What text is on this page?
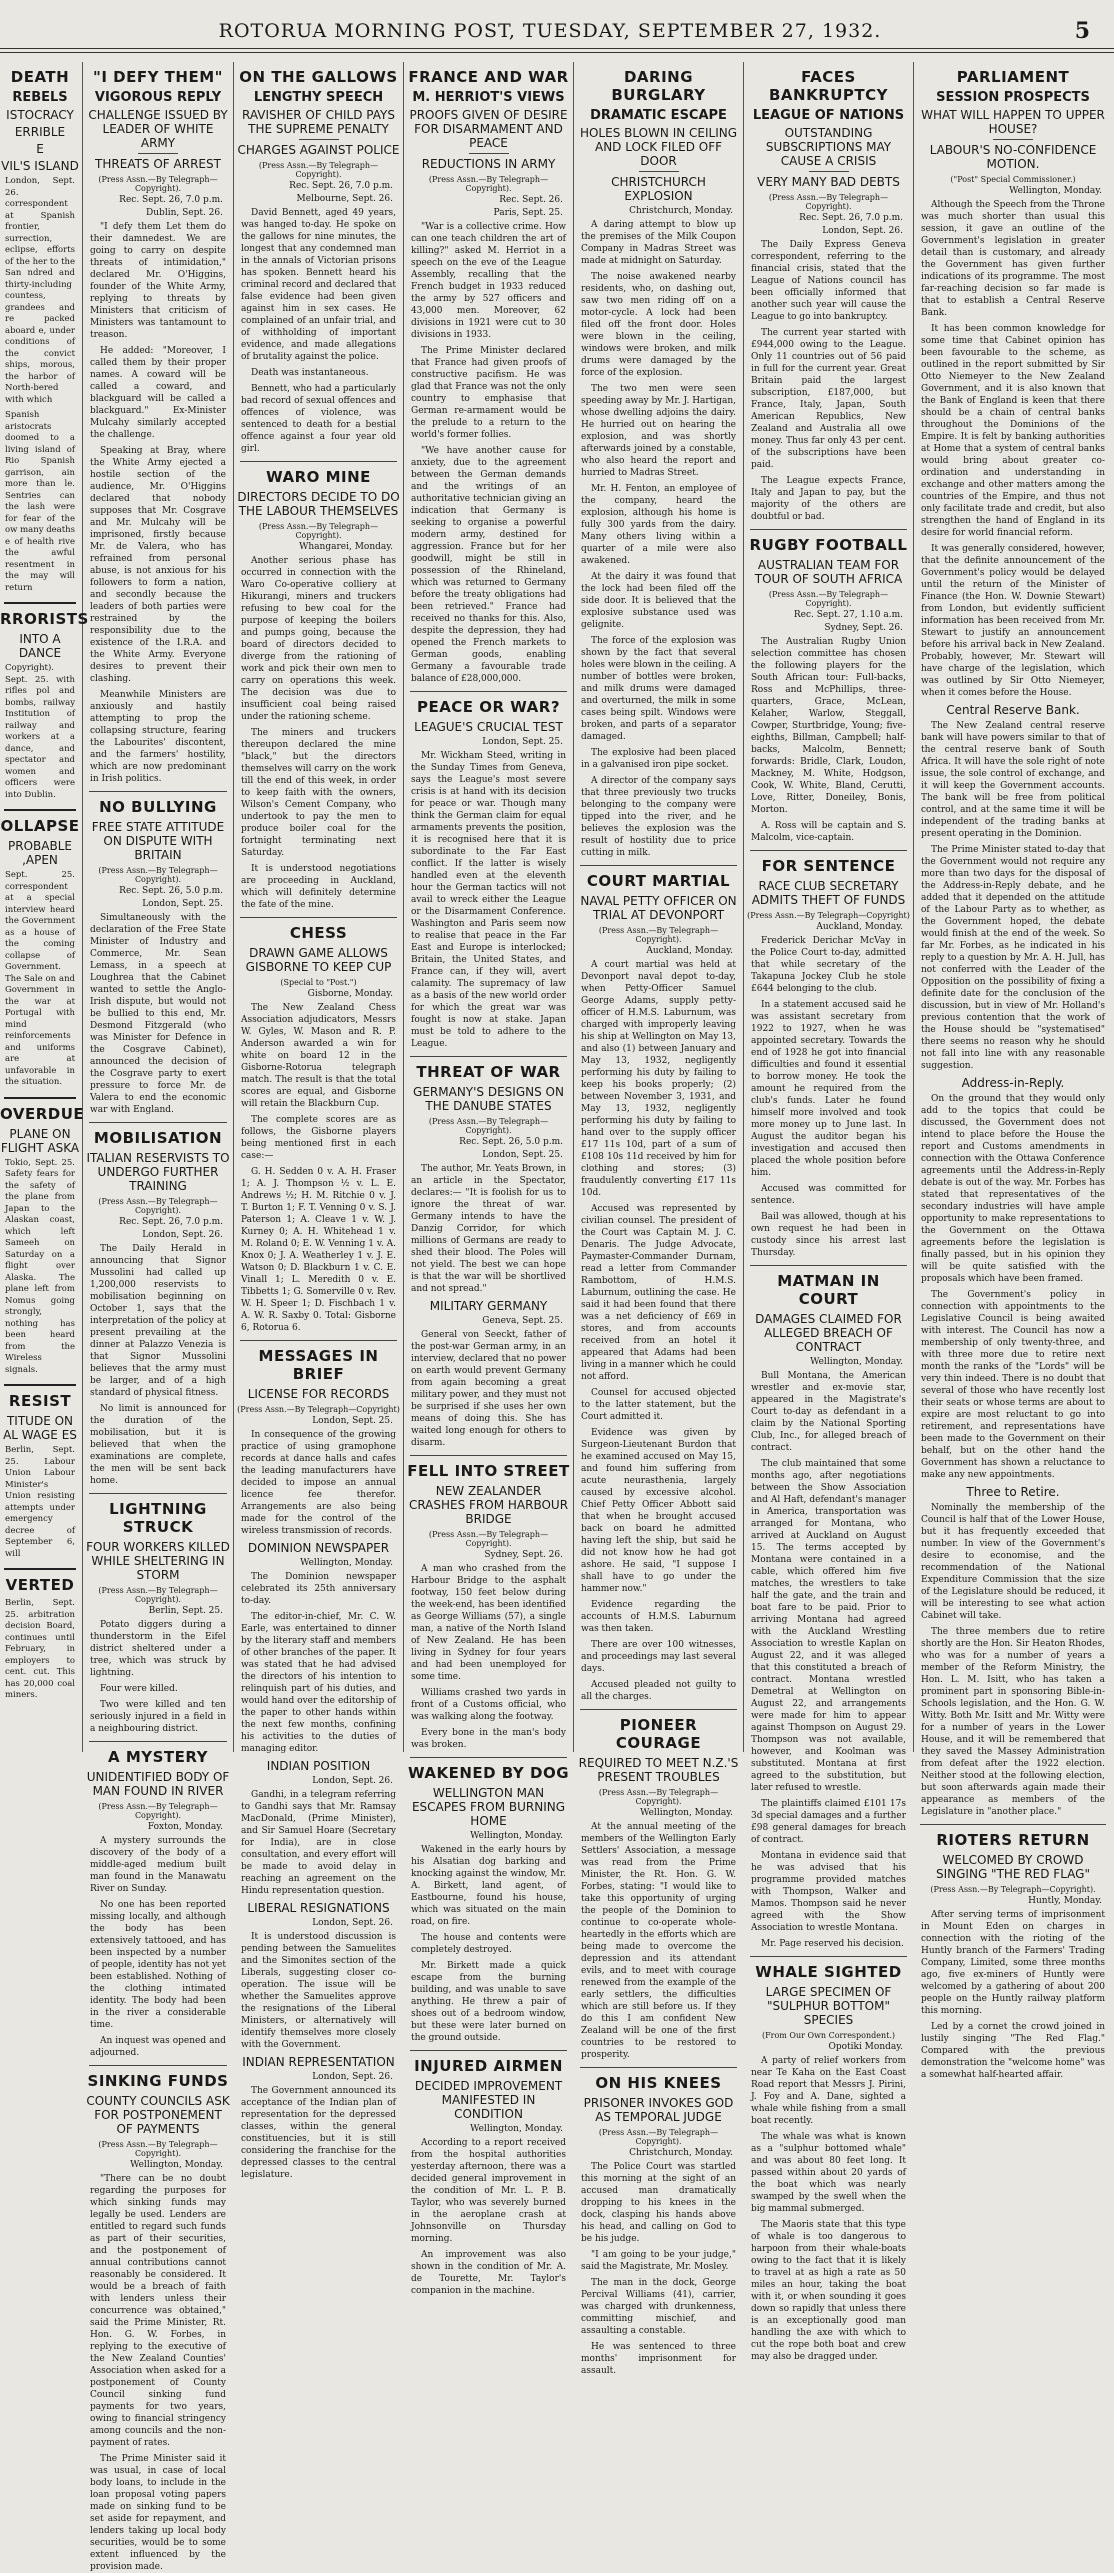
ROTORUA MORNING POST, TUESDAY, SEPTEMBER 27, 1932.	5
DEATH
REBELS
ISTOCRACY
ERRIBLE
E
VIL'S ISLAND

London, Sept. 26. correspondent at Spanish frontier, surrection, eclipse, efforts of the her to the San ndred and thirty-including countess, grandees and re packed aboard e, under conditions of the convict ships, morous, the harbor of North-bered with which

Spanish aristocrats doomed to a living island of Rio Spanish garrison, ain more than le. Sentries can the lash were for fear of the ow many deaths e of health rive the awful resentment in the may will return

RRORISTS
INTO A DANCE

Copyright). Sept. 25. with rifles pol and bombs, railway Institution of railway and workers at a dance, and spectator and women and officers were into Dublin.

OLLAPSE
PROBABLE ,APEN

Sept. 25. correspondent at a special interview heard the Government as a house of the coming collapse of Government. The Sale on and Government in the war at Portugal with mind reinforcements and uniforms are at unfavorable in the situation.

OVERDUE
PLANE ON FLIGHT ASKA

Tokio, Sept. 25. Safety fears for the safety of the plane from Japan to the Alaskan coast, which left Sameeh on Saturday on a flight over Alaska. The plane left from Nomus going strongly, nothing has been heard from the Wireless signals.

RESIST
TITUDE ON AL WAGE ES

Berlin, Sept. 25. Labour Union Labour Minister's Union resisting attempts under emergency decree of September 6, will

VERTED

Berlin, Sept. 25. arbitration decision Board, continues until February, in employers to cent. cut. This has 20,000 coal miners.

"I DEFY THEM"
VIGOROUS REPLY
CHALLENGE ISSUED BY LEADER OF WHITE ARMY
THREATS OF ARREST
(Press Assn.—By Telegraph—Copyright).
Rec. Sept. 26, 7.0 p.m.
Dublin, Sept. 26.

"I defy them Let them do their damnedest. We are going to carry on despite threats of intimidation," declared Mr. O'Higgins, founder of the White Army, replying to threats by Ministers that criticism of Ministers was tantamount to treason.

He added: "Moreover, I called them by their proper names. A coward will be called a coward, and blackguard will be called a blackguard." Ex-Minister Mulcahy similarly accepted the challenge.

Speaking at Bray, where the White Army ejected a hostile section of the audience, Mr. O'Higgins declared that nobody supposes that Mr. Cosgrave and Mr. Mulcahy will be imprisoned, firstly because Mr. de Valera, who has refrained from personal abuse, is not anxious for his followers to form a nation, and secondly because the leaders of both parties were restrained by the responsibility due to the existence of the I.R.A. and the White Army. Everyone desires to prevent their clashing.

Meanwhile Ministers are anxiously and hastily attempting to prop the collapsing structure, fearing the Labourites' discontent, and the farmers' hostility, which are now predominant in Irish politics.

NO BULLYING
FREE STATE ATTITUDE ON DISPUTE WITH BRITAIN
(Press Assn.—By Telegraph—Copyright).
Rec. Sept. 26, 5.0 p.m.
London, Sept. 25.

Simultaneously with the declaration of the Free State Minister of Industry and Commerce, Mr. Sean Lemass, in a speech at Loughrea that the Cabinet wanted to settle the Anglo-Irish dispute, but would not be bullied to this end, Mr. Desmond Fitzgerald (who was Minister for Defence in the Cosgrave Cabinet), announced the decision of the Cosgrave party to exert pressure to force Mr. de Valera to end the economic war with England.

MOBILISATION
ITALIAN RESERVISTS TO UNDERGO FURTHER TRAINING
(Press Assn.—By Telegraph—Copyright).
Rec. Sept. 26, 7.0 p.m.
London, Sept. 26.

The Daily Herald in announcing that Signor Mussolini had called up 1,200,000 reservists to mobilisation beginning on October 1, says that the interpretation of the policy at present prevailing at the dinner at Palazzo Venezia is that Signor Mussolini believes that the army must be larger, and of a high standard of physical fitness.

No limit is announced for the duration of the mobilisation, but it is believed that when the examinations are complete, the men will be sent back home.

LIGHTNING STRUCK
FOUR WORKERS KILLED WHILE SHELTERING IN STORM
(Press Assn.—By Telegraph—Copyright).
Berlin, Sept. 25.

Potato diggers during a thunderstorm in the Eifel district sheltered under a tree, which was struck by lightning.

Four were killed.

Two were killed and ten seriously injured in a field in a neighbouring district.

A MYSTERY
UNIDENTIFIED BODY OF MAN FOUND IN RIVER
(Press Assn.—By Telegraph—Copyright).
Foxton, Monday.

A mystery surrounds the discovery of the body of a middle-aged medium built man found in the Manawatu River on Sunday.

No one has been reported missing locally, and although the body has been extensively tattooed, and has been inspected by a number of people, identity has not yet been established. Nothing of the clothing intimated identity. The body had been in the river a considerable time.

An inquest was opened and adjourned.

SINKING FUNDS
COUNTY COUNCILS ASK FOR POSTPONEMENT OF PAYMENTS
(Press Assn.—By Telegraph—Copyright).
Wellington, Monday.

"There can be no doubt regarding the purposes for which sinking funds may legally be used. Lenders are entitled to regard such funds as part of their securities, and the postponement of annual contributions cannot reasonably be considered. It would be a breach of faith with lenders unless their concurrence was obtained," said the Prime Minister, Rt. Hon. G. W. Forbes, in replying to the executive of the New Zealand Counties' Association when asked for a postponement of County Council sinking fund payments for two years, owing to financial stringency among councils and the non-payment of rates.

The Prime Minister said it was usual, in case of local body loans, to include in the loan proposal voting papers made on sinking fund to be set aside for repayment, and lenders taking up local body securities, would be to some extent influenced by the provision made.

ON THE GALLOWS
LENGTHY SPEECH
RAVISHER OF CHILD PAYS THE SUPREME PENALTY
CHARGES AGAINST POLICE
(Press Assn.—By Telegraph—Copyright).
Rec. Sept. 26, 7.0 p.m.
Melbourne, Sept. 26.

David Bennett, aged 49 years, was hanged to-day. He spoke on the gallows for nine minutes, the longest that any condemned man in the annals of Victorian prisons has spoken. Bennett heard his criminal record and declared that false evidence had been given against him in sex cases. He complained of an unfair trial, and of withholding of important evidence, and made allegations of brutality against the police.

Death was instantaneous.

Bennett, who had a particularly bad record of sexual offences and offences of violence, was sentenced to death for a bestial offence against a four year old girl.

WARO MINE
DIRECTORS DECIDE TO DO THE LABOUR THEMSELVES
(Press Assn.—By Telegraph—Copyright).
Whangarei, Monday.

Another serious phase has occurred in connection with the Waro Co-operative colliery at Hikurangi, miners and truckers refusing to bew coal for the purpose of keeping the boilers and pumps going, because the board of directors decided to diverge from the rationing of work and pick their own men to carry on operations this week. The decision was due to insufficient coal being raised under the rationing scheme.

The miners and truckers thereupon declared the mine "black," but the directors themselves will carry on the work till the end of this week, in order to keep faith with the owners, Wilson's Cement Company, who undertook to pay the men to produce boiler coal for the fortnight terminating next Saturday.

It is understood negotiations are proceeding in Auckland, which will definitely determine the fate of the mine.

CHESS
DRAWN GAME ALLOWS GISBORNE TO KEEP CUP
(Special to "Post.")
Gisborne, Monday.

The New Zealand Chess Association adjudicators, Messrs W. Gyles, W. Mason and R. P. Anderson awarded a win for white on board 12 in the Gisborne-Rotorua telegraph match. The result is that the total scores are equal, and Gisborne will retain the Blackburn Cup.

The complete scores are as follows, the Gisborne players being mentioned first in each case:—

G. H. Sedden 0 v. A. H. Fraser 1; A. J. Thompson ½ v. L. E. Andrews ½; H. M. Ritchie 0 v. J. T. Burton 1; F. T. Venning 0 v. S. J. Paterson 1; A. Cleave 1 v. W. J. Kurney 0; A. H. Whitehead 1 v. M. Roland 0; E. W. Venning 1 v. A. Knox 0; J. A. Weatherley 1 v. J. E. Watson 0; D. Blackburn 1 v. C. E. Vinall 1; L. Meredith 0 v. E. Tibbetts 1; G. Somerville 0 v. Rev. W. H. Speer 1; D. Fischbach 1 v. A. W. R. Saxby 0. Total: Gisborne 6, Rotorua 6.

MESSAGES IN BRIEF
LICENSE FOR RECORDS
(Press Assn.—By Telegraph—Copyright)
London, Sept. 25.

In consequence of the growing practice of using gramophone records at dance halls and cafes the leading manufacturers have decided to impose an annual licence fee therefor. Arrangements are also being made for the control of the wireless transmission of records.

DOMINION NEWSPAPER
Wellington, Monday.

The Dominion newspaper celebrated its 25th anniversary to-day.

The editor-in-chief, Mr. C. W. Earle, was entertained to dinner by the literary staff and members of other branches of the paper. It was stated that he had advised the directors of his intention to relinquish part of his duties, and would hand over the editorship of the paper to other hands within the next few months, confining his activities to the duties of managing editor.

INDIAN POSITION
London, Sept. 26.

Gandhi, in a telegram referring to Gandhi says that Mr. Ramsay MacDonald, (Prime Minister), and Sir Samuel Hoare (Secretary for India), are in close consultation, and every effort will be made to avoid delay in reaching an agreement on the Hindu representation question.

LIBERAL RESIGNATIONS
London, Sept. 26.

It is understood discussion is pending between the Samuelites and the Simonites section of the Liberals, suggesting closer co-operation. The issue will be whether the Samuelites approve the resignations of the Liberal Ministers, or alternatively will identify themselves more closely with the Government.

INDIAN REPRESENTATION
London, Sept. 26.

The Government announced its acceptance of the Indian plan of representation for the depressed classes, within the general constituencies, but it is still considering the franchise for the depressed classes to the central legislature.

FRANCE AND WAR
M. HERRIOT'S VIEWS
PROOFS GIVEN OF DESIRE FOR DISARMAMENT AND PEACE
REDUCTIONS IN ARMY
(Press Assn.—By Telegraph—Copyright).
Rec. Sept. 26.
Paris, Sept. 25.

"War is a collective crime. How can one teach children the art of killing?" asked M. Herriot in a speech on the eve of the League Assembly, recalling that the French budget in 1933 reduced the army by 527 officers and 43,000 men. Moreover, 62 divisions in 1921 were cut to 30 divisions in 1933.

The Prime Minister declared that France had given proofs of constructive pacifism. He was glad that France was not the only country to emphasise that German re-armament would be the prelude to a return to the world's former follies.

"We have another cause for anxiety, due to the agreement between the German demands and the writings of an authoritative technician giving an indication that Germany is seeking to organise a powerful modern army, destined for aggression. France but for her goodwill, might be still in possession of the Rhineland, which was returned to Germany before the treaty obligations had been retrieved." France had received no thanks for this. Also, despite the depression, they had opened the French markets to German goods, enabling Germany a favourable trade balance of £28,000,000.

PEACE OR WAR?
LEAGUE'S CRUCIAL TEST
London, Sept. 25.

Mr. Wickham Steed, writing in the Sunday Times from Geneva, says the League's most severe crisis is at hand with its decision for peace or war. Though many think the German claim for equal armaments prevents the position, it is recognised here that it is subordinate to the Far East conflict. If the latter is wisely handled even at the eleventh hour the German tactics will not avail to wreck either the League or the Disarmament Conference. Washington and Paris seem now to realise that peace in the Far East and Europe is interlocked; Britain, the United States, and France can, if they will, avert calamity. The supremacy of law as a basis of the new world order for which the great war was fought is now at stake. Japan must be told to adhere to the League.

THREAT OF WAR
GERMANY'S DESIGNS ON THE DANUBE STATES
(Press Assn.—By Telegraph—Copyright).
Rec. Sept. 26, 5.0 p.m.
London, Sept. 25.

The author, Mr. Yeats Brown, in an article in the Spectator, declares:— "It is foolish for us to ignore the threat of war. Germany intends to have the Danzig Corridor, for which millions of Germans are ready to shed their blood. The Poles will not yield. The best we can hope is that the war will be shortlived and not spread."

MILITARY GERMANY
Geneva, Sept. 25.

General von Seeckt, father of the post-war German army, in an interview, declared that no power on earth would prevent Germany from again becoming a great military power, and they must not be surprised if she uses her own means of doing this. She has waited long enough for others to disarm.

FELL INTO STREET
NEW ZEALANDER CRASHES FROM HARBOUR BRIDGE
(Press Assn.—By Telegraph—Copyright).
Sydney, Sept. 26.

A man who crashed from the Harbour Bridge to the asphalt footway, 150 feet below during the week-end, has been identified as George Williams (57), a single man, a native of the North Island of New Zealand. He has been living in Sydney for four years and had been unemployed for some time.

Williams crashed two yards in front of a Customs official, who was walking along the footway.

Every bone in the man's body was broken.

WAKENED BY DOG
WELLINGTON MAN ESCAPES FROM BURNING HOME
Wellington, Monday.

Wakened in the early hours by his Alsatian dog barking and knocking against the window, Mr. A. Birkett, land agent, of Eastbourne, found his house, which was situated on the main road, on fire.

The house and contents were completely destroyed.

Mr. Birkett made a quick escape from the burning building, and was unable to save anything. He threw a pair of shoes out of a bedroom window, but these were later burned on the ground outside.

INJURED AIRMEN
DECIDED IMPROVEMENT MANIFESTED IN CONDITION
Wellington, Monday.

According to a report received from the hospital authorities yesterday afternoon, there was a decided general improvement in the condition of Mr. L. P. B. Taylor, who was severely burned in the aeroplane crash at Johnsonville on Thursday morning.

An improvement was also shown in the condition of Mr. A. de Tourette, Mr. Taylor's companion in the machine.

DARING BURGLARY
DRAMATIC ESCAPE
HOLES BLOWN IN CEILING AND LOCK FILED OFF DOOR
CHRISTCHURCH EXPLOSION
Christchurch, Monday.

A daring attempt to blow up the premises of the Milk Coupon Company in Madras Street was made at midnight on Saturday.

The noise awakened nearby residents, who, on dashing out, saw two men riding off on a motor-cycle. A lock had been filed off the front door. Holes were blown in the ceiling, windows were broken, and milk drums were damaged by the force of the explosion.

The two men were seen speeding away by Mr. J. Hartigan, whose dwelling adjoins the dairy. He hurried out on hearing the explosion, and was shortly afterwards joined by a constable, who also heard the report and hurried to Madras Street.

Mr. H. Fenton, an employee of the company, heard the explosion, although his home is fully 300 yards from the dairy. Many others living within a quarter of a mile were also awakened.

At the dairy it was found that the lock had been filed off the side door. It is believed that the explosive substance used was gelignite.

The force of the explosion was shown by the fact that several holes were blown in the ceiling. A number of bottles were broken, and milk drums were damaged and overturned, the milk in some cases being spilt. Windows were broken, and parts of a separator damaged.

The explosive had been placed in a galvanised iron pipe socket.

A director of the company says that three previously two trucks belonging to the company were tipped into the river, and he believes the explosion was the result of hostility due to price cutting in milk.

COURT MARTIAL
NAVAL PETTY OFFICER ON TRIAL AT DEVONPORT
(Press Assn.—By Telegraph—Copyright).
Auckland, Monday.

A court martial was held at Devonport naval depot to-day, when Petty-Officer Samuel George Adams, supply petty-officer of H.M.S. Laburnum, was charged with improperly leaving his ship at Wellington on May 13, and also (1) between January and May 13, 1932, negligently performing his duty by failing to keep his books properly; (2) between November 3, 1931, and May 13, 1932, negligently performing his duty by failing to hand over to the supply officer £17 11s 10d, part of a sum of £108 10s 11d received by him for clothing and stores; (3) fraudulently converting £17 11s 10d.

Accused was represented by civilian counsel. The president of the Court was Captain M. J. C. Denaris. The Judge Advocate, Paymaster-Commander Durnam, read a letter from Commander Rambottom, of H.M.S. Laburnum, outlining the case. He said it had been found that there was a net deficiency of £69 in stores, and from accounts received from an hotel it appeared that Adams had been living in a manner which he could not afford.

Counsel for accused objected to the latter statement, but the Court admitted it.

Evidence was given by Surgeon-Lieutenant Burdon that he examined accused on May 15, and found him suffering from acute neurasthenia, largely caused by excessive alcohol. Chief Petty Officer Abbott said that when he brought accused back on board he admitted having left the ship, but said he did not know how he had got ashore. He said, "I suppose I shall have to go under the hammer now."

Evidence regarding the accounts of H.M.S. Laburnum was then taken.

There are over 100 witnesses, and proceedings may last several days.

Accused pleaded not guilty to all the charges.

PIONEER COURAGE
REQUIRED TO MEET N.Z.'S PRESENT TROUBLES
(Press Assn.—By Telegraph—Copyright).
Wellington, Monday.

At the annual meeting of the members of the Wellington Early Settlers' Association, a message was read from the Prime Minister, the Rt. Hon. G. W. Forbes, stating: "I would like to take this opportunity of urging the people of the Dominion to continue to co-operate whole-heartedly in the efforts which are being made to overcome the depression and its attendant evils, and to meet with courage renewed from the example of the early settlers, the difficulties which are still before us. If they do this I am confident New Zealand will be one of the first countries to be restored to prosperity.

ON HIS KNEES
PRISONER INVOKES GOD AS TEMPORAL JUDGE
(Press Assn.—By Telegraph—Copyright).
Christchurch, Monday.

The Police Court was startled this morning at the sight of an accused man dramatically dropping to his knees in the dock, clasping his hands above his head, and calling on God to be his judge.

"I am going to be your judge," said the Magistrate, Mr. Mosley.

The man in the dock, George Percival Williams (41), carrier, was charged with drunkenness, committing mischief, and assaulting a constable.

He was sentenced to three months' imprisonment for assault.

FACES BANKRUPTCY
LEAGUE OF NATIONS
OUTSTANDING SUBSCRIPTIONS MAY CAUSE A CRISIS
VERY MANY BAD DEBTS
(Press Assn.—By Telegraph—Copyright).
Rec. Sept. 26, 7.0 p.m.
London, Sept. 26.

The Daily Express Geneva correspondent, referring to the financial crisis, stated that the League of Nations council has been officially informed that another such year will cause the League to go into bankruptcy.

The current year started with £944,000 owing to the League. Only 11 countries out of 56 paid in full for the current year. Great Britain paid the largest subscription, £187,000, but France, Italy, Japan, South American Republics, New Zealand and Australia all owe money. Thus far only 43 per cent. of the subscriptions have been paid.

The League expects France, Italy and Japan to pay, but the majority of the others are doubtful or bad.

RUGBY FOOTBALL
AUSTRALIAN TEAM FOR TOUR OF SOUTH AFRICA
(Press Assn.—By Telegraph—Copyright).
Rec. Sept. 27, 1.10 a.m.
Sydney, Sept. 26.

The Australian Rugby Union selection committee has chosen the following players for the South African tour: Full-backs, Ross and McPhillips, three-quarters, Grace, McLean, Kelaher, Warlow, Steggall, Cowper, Sturtbridge, Young; five-eighths, Billman, Campbell; half-backs, Malcolm, Bennett; forwards: Bridle, Clark, Loudon, Mackney, M. White, Hodgson, Cook, W. White, Bland, Cerutti, Love, Ritter, Doneiley, Bonis, Morton.

A. Ross will be captain and S. Malcolm, vice-captain.

FOR SENTENCE
RACE CLUB SECRETARY ADMITS THEFT OF FUNDS
(Press Assn.—By Telegraph—Copyright)
Auckland, Monday.

Frederick Derichar McVay in the Police Court to-day, admitted that while secretary of the Takapuna Jockey Club he stole £644 belonging to the club.

In a statement accused said he was assistant secretary from 1922 to 1927, when he was appointed secretary. Towards the end of 1928 he got into financial difficulties and found it essential to borrow money. He took the amount he required from the club's funds. Later he found himself more involved and took more money up to June last. In August the auditor began his investigation and accused then placed the whole position before him.

Accused was committed for sentence.

Bail was allowed, though at his own request he had been in custody since his arrest last Thursday.

MATMAN IN COURT
DAMAGES CLAIMED FOR ALLEGED BREACH OF CONTRACT
Wellington, Monday.

Bull Montana, the American wrestler and ex-movie star, appeared in the Magistrate's Court to-day as defendant in a claim by the National Sporting Club, Inc., for alleged breach of contract.

The club maintained that some months ago, after negotiations between the Show Association and Al Haft, defendant's manager in America, transportation was arranged for Montana, who arrived at Auckland on August 15. The terms accepted by Montana were contained in a cable, which offered him five matches, the wrestlers to take half the gate, and the train and boat fare to be paid. Prior to arriving Montana had agreed with the Auckland Wrestling Association to wrestle Kaplan on August 22, and it was alleged that this constituted a breach of contract. Montana wrestled Demetral at Wellington on August 22, and arrangements were made for him to appear against Thompson on August 29. Thompson was not available, however, and Koolman was substituted. Montana at first agreed to the substitution, but later refused to wrestle.

The plaintiffs claimed £101 17s 3d special damages and a further £98 general damages for breach of contract.

Montana in evidence said that he was advised that his programme provided matches with Thompson, Walker and Mamos. Thompson said he never agreed with the Show Association to wrestle Montana.

Mr. Page reserved his decision.

WHALE SIGHTED
LARGE SPECIMEN OF "SULPHUR BOTTOM" SPECIES
(From Our Own Correspondent.)
Opotiki Monday.

A party of relief workers from near Te Kaha on the East Coast Road report that Messrs J. Pirini, J. Foy and A. Dane, sighted a whale while fishing from a small boat recently.

The whale was what is known as a "sulphur bottomed whale" and was about 80 feet long. It passed within about 20 yards of the boat which was nearly swamped by the swell when the big mammal submerged.

The Maoris state that this type of whale is too dangerous to harpoon from their whale-boats owing to the fact that it is likely to travel at as high a rate as 50 miles an hour, taking the boat with it, or when sounding it goes down so rapidly that unless there is an exceptionally good man handling the axe with which to cut the rope both boat and crew may also be dragged under.

PARLIAMENT
SESSION PROSPECTS
WHAT WILL HAPPEN TO UPPER HOUSE?
LABOUR'S NO-CONFIDENCE MOTION.
("Post" Special Commissioner.)
Wellington, Monday.

Although the Speech from the Throne was much shorter than usual this session, it gave an outline of the Government's legislation in greater detail than is customary, and already the Government has given further indications of its programme. The most far-reaching decision so far made is that to establish a Central Reserve Bank.

It has been common knowledge for some time that Cabinet opinion has been favourable to the scheme, as outlined in the report submitted by Sir Otto Niemeyer to the New Zealand Government, and it is also known that the Bank of England is keen that there should be a chain of central banks throughout the Dominions of the Empire. It is felt by banking authorities at Home that a system of central banks would bring about greater co-ordination and understanding in exchange and other matters among the countries of the Empire, and thus not only facilitate trade and credit, but also strengthen the hand of England in its desire for world financial reform.

It was generally considered, however, that the definite announcement of the Government's policy would be delayed until the return of the Minister of Finance (the Hon. W. Downie Stewart) from London, but evidently sufficient information has been received from Mr. Stewart to justify an announcement before his arrival back in New Zealand. Probably, however, Mr. Stewart will have charge of the legislation, which was outlined by Sir Otto Niemeyer, when it comes before the House.

Central Reserve Bank.

The New Zealand central reserve bank will have powers similar to that of the central reserve bank of South Africa. It will have the sole right of note issue, the sole control of exchange, and it will keep the Government accounts. The bank will be free from political control, and at the same time it will be independent of the trading banks at present operating in the Dominion.

The Prime Minister stated to-day that the Government would not require any more than two days for the disposal of the Address-in-Reply debate, and he added that it depended on the attitude of the Labour Party as to whether, as the Government hoped, the debate would finish at the end of the week. So far Mr. Forbes, as he indicated in his reply to a question by Mr. A. H. Jull, has not conferred with the Leader of the Opposition on the possibility of fixing a definite date for the conclusion of the discussion, but in view of Mr. Holland's previous contention that the work of the House should be "systematised" there seems no reason why he should not fall into line with any reasonable suggestion.

Address-in-Reply.

On the ground that they would only add to the topics that could be discussed, the Government does not intend to place before the House the report and Customs amendments in connection with the Ottawa Conference agreements until the Address-in-Reply debate is out of the way. Mr. Forbes has stated that representatives of the secondary industries will have ample opportunity to make representations to the Government on the Ottawa agreements before the legislation is finally passed, but in his opinion they will be quite satisfied with the proposals which have been framed.

The Government's policy in connection with appointments to the Legislative Council is being awaited with interest. The Council has now a membership of only twenty-three, and with three more due to retire next month the ranks of the "Lords" will be very thin indeed. There is no doubt that several of those who have recently lost their seats or whose terms are about to expire are most reluctant to go into retirement, and representations have been made to the Government on their behalf, but on the other hand the Government has shown a reluctance to make any new appointments.

Three to Retire.

Nominally the membership of the Council is half that of the Lower House, but it has frequently exceeded that number. In view of the Government's desire to economise, and the recommendation of the National Expenditure Commission that the size of the Legislature should be reduced, it will be interesting to see what action Cabinet will take.

The three members due to retire shortly are the Hon. Sir Heaton Rhodes, who was for a number of years a member of the Reform Ministry, the Hon. L. M. Isitt, who has taken a prominent part in sponsoring Bible-in-Schools legislation, and the Hon. G. W. Witty. Both Mr. Isitt and Mr. Witty were for a number of years in the Lower House, and it will be remembered that they saved the Massey Administration from defeat after the 1922 election. Neither stood at the following election, but soon afterwards again made their appearance as members of the Legislature in "another place."

RIOTERS RETURN
WELCOMED BY CROWD SINGING "THE RED FLAG"
(Press Assn.—By Telegraph—Copyright).
Huntly, Monday.

After serving terms of imprisonment in Mount Eden on charges in connection with the rioting of the Huntly branch of the Farmers' Trading Company, Limited, some three months ago, five ex-miners of Huntly were welcomed by a gathering of about 200 people on the Huntly railway platform this morning.

Led by a cornet the crowd joined in lustily singing "The Red Flag." Compared with the previous demonstration the "welcome home" was a somewhat half-hearted affair.
